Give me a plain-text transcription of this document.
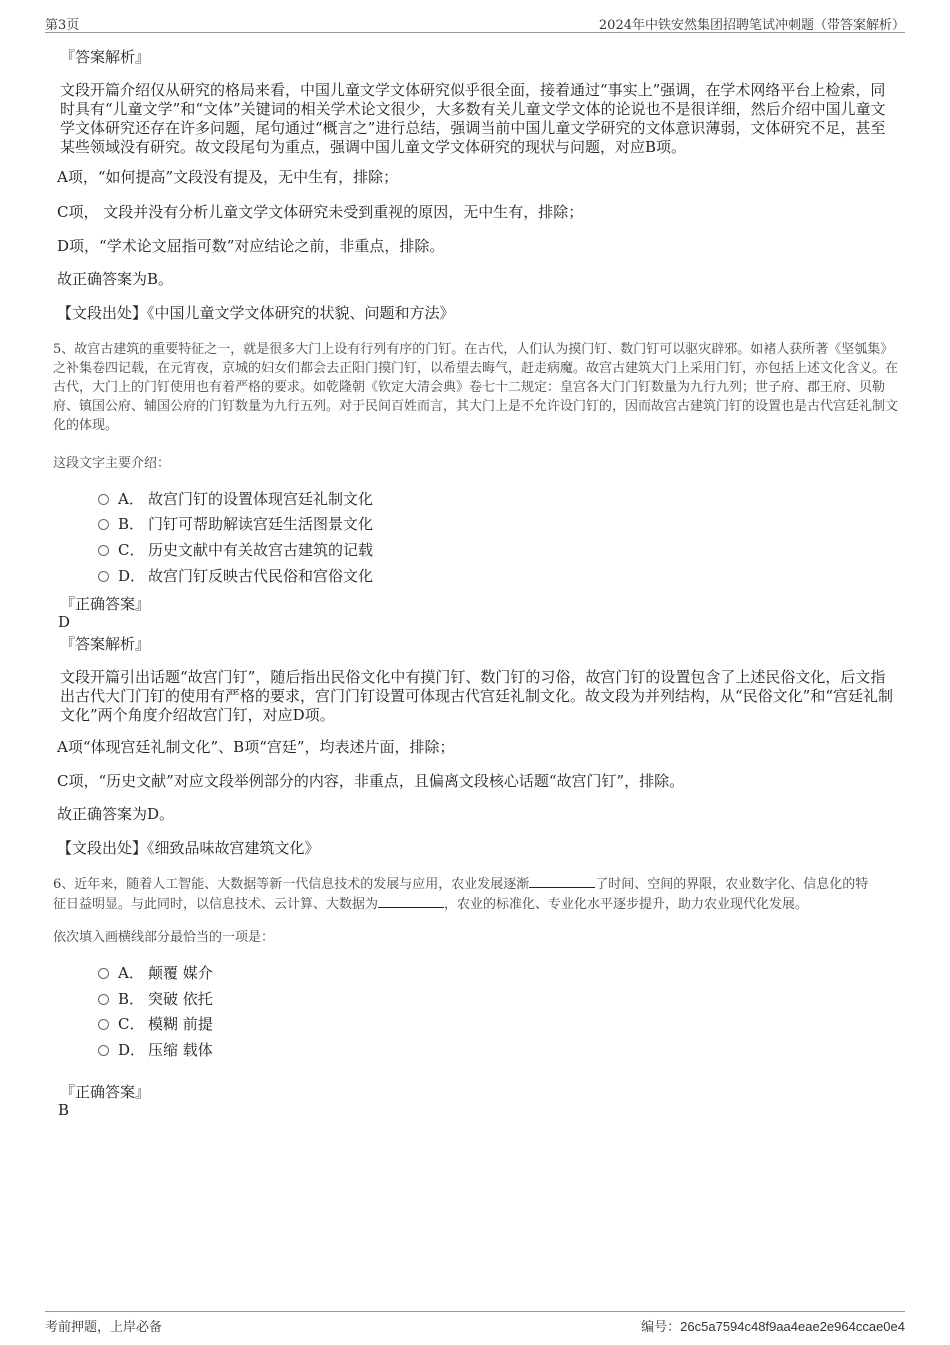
第3页	2024年中铁安然集团招聘笔试冲刺题（带答案解析）
『答案解析』
文段开篇介绍仅从研究的格局来看，中国儿童文学文体研究似乎很全面，接着通过“事实上”强调，在学术网络平台上检索，同时具有“儿童文学”和“文体”关键词的相关学术论文很少，大多数有关儿童文学文体的论说也不是很详细，然后介绍中国儿童文学文体研究还存在许多问题，尾句通过“概言之”进行总结，强调当前中国儿童文学研究的文体意识薄弱，文体研究不足，甚至某些领域没有研究。故文段尾句为重点，强调中国儿童文学文体研究的现状与问题，对应B项。
A项，“如何提高”文段没有提及，无中生有，排除；
C项， 文段并没有分析儿童文学文体研究未受到重视的原因，无中生有，排除；
D项，“学术论文屈指可数”对应结论之前，非重点，排除。
故正确答案为B。
【文段出处】《中国儿童文学文体研究的状貌、问题和方法》
5、故宫古建筑的重要特征之一，就是很多大门上设有行列有序的门钉。在古代，人们认为摸门钉、数门钉可以驱灾辟邪。如褚人获所著《坚瓠集》之补集卷四记载，在元宵夜，京城的妇女们都会去正阳门摸门钉，以希望去晦气，赶走病魔。故宫古建筑大门上采用门钉，亦包括上述文化含义。在古代，大门上的门钉使用也有着严格的要求。如乾隆朝《钦定大清会典》卷七十二规定：皇宫各大门门钉数量为九行九列；世子府、郡王府、贝勒府、镇国公府、辅国公府的门钉数量为九行五列。对于民间百姓而言，其大门上是不允许设门钉的，因而故宫古建筑门钉的设置也是古代宫廷礼制文化的体现。
这段文字主要介绍：
A． 故宫门钉的设置体现宫廷礼制文化
B． 门钉可帮助解读宫廷生活图景文化
C． 历史文献中有关故宫古建筑的记载
D． 故宫门钉反映古代民俗和宫俗文化
『正确答案』
D
『答案解析』
文段开篇引出话题“故宫门钉”，随后指出民俗文化中有摸门钉、数门钉的习俗，故宫门钉的设置包含了上述民俗文化，后文指出古代大门门钉的使用有严格的要求，宫门门钉设置可体现古代宫廷礼制文化。故文段为并列结构，从“民俗文化”和“宫廷礼制文化”两个角度介绍故宫门钉，对应D项。
A项“体现宫廷礼制文化”、B项“宫廷”，均表述片面，排除；
C项，“历史文献”对应文段举例部分的内容，非重点，且偏离文段核心话题“故宫门钉”，排除。
故正确答案为D。
【文段出处】《细致品味故宫建筑文化》
6、近年来，随着人工智能、大数据等新一代信息技术的发展与应用，农业发展逐渐	了时间、空间的界限，农业数字化、信息化的特
征日益明显。与此同时，以信息技术、云计算、大数据为	，农业的标准化、专业化水平逐步提升，助力农业现代化发展。
依次填入画横线部分最恰当的一项是：
A． 颠覆 媒介
B． 突破 依托
C． 模糊 前提
D． 压缩 载体
『正确答案』
B
考前押题，上岸必备	编号：26c5a7594c48f9aa4eae2e964ccae0e4
